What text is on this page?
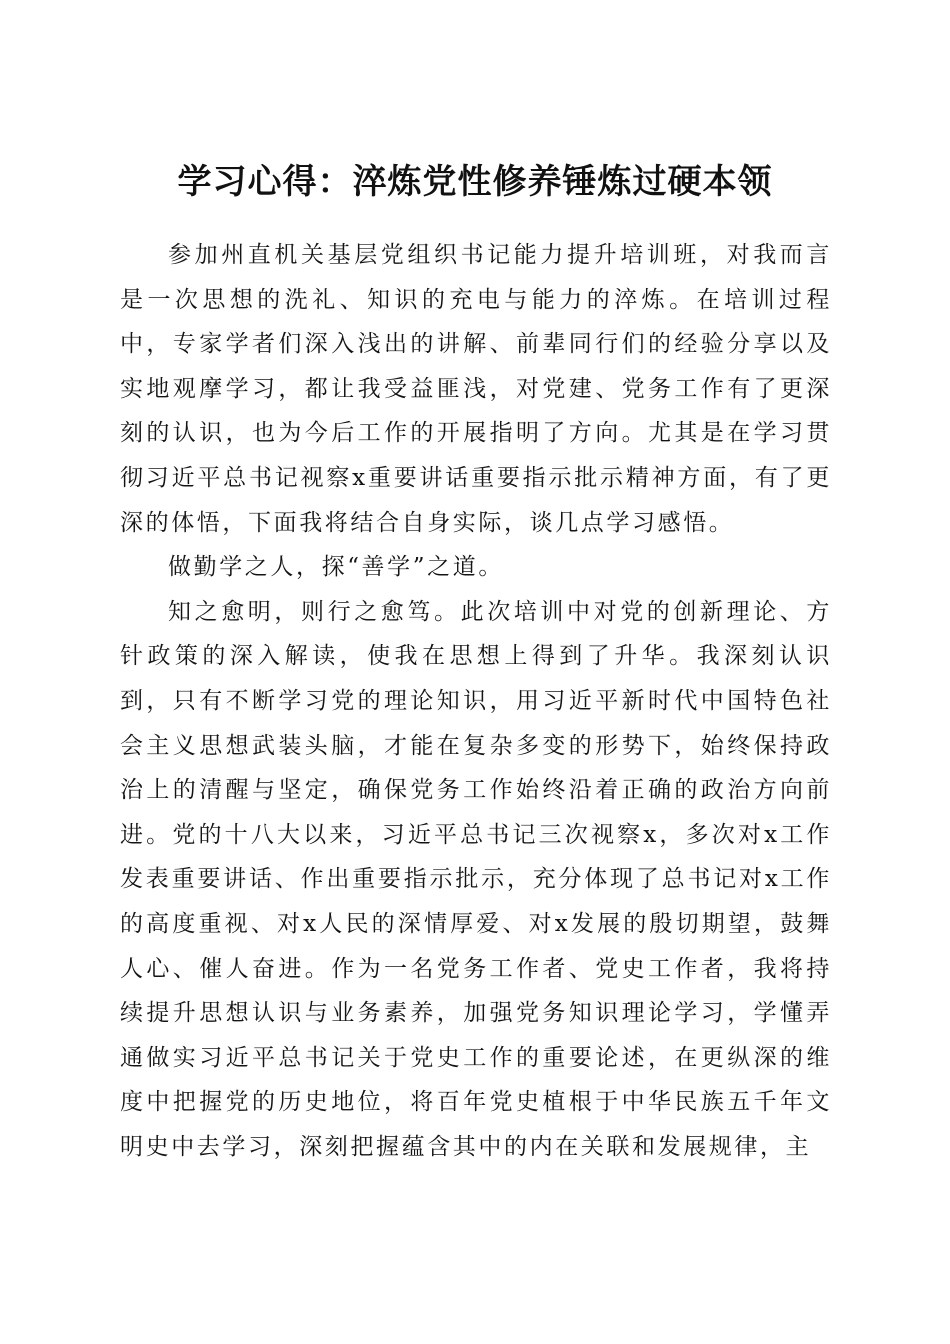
学习心得：淬炼党性修养锤炼过硬本领

参加州直机关基层党组织书记能力提升培训班，对我而言是一次思想的洗礼、知识的充电与能力的淬炼。在培训过程中，专家学者们深入浅出的讲解、前辈同行们的经验分享以及实地观摩学习，都让我受益匪浅，对党建、党务工作有了更深刻的认识，也为今后工作的开展指明了方向。尤其是在学习贯彻习近平总书记视察x重要讲话重要指示批示精神方面，有了更深的体悟，下面我将结合自身实际，谈几点学习感悟。

做勤学之人，探“善学”之道。

知之愈明，则行之愈笃。此次培训中对党的创新理论、方针政策的深入解读，使我在思想上得到了升华。我深刻认识到，只有不断学习党的理论知识，用习近平新时代中国特色社会主义思想武装头脑，才能在复杂多变的形势下，始终保持政治上的清醒与坚定，确保党务工作始终沿着正确的政治方向前进。党的十八大以来，习近平总书记三次视察x，多次对x工作发表重要讲话、作出重要指示批示，充分体现了总书记对x工作的高度重视、对x人民的深情厚爱、对x发展的殷切期望，鼓舞人心、催人奋进。作为一名党务工作者、党史工作者，我将持续提升思想认识与业务素养，加强党务知识理论学习，学懂弄通做实习近平总书记关于党史工作的重要论述，在更纵深的维度中把握党的历史地位，将百年党史植根于中华民族五千年文明史中去学习，深刻把握蕴含其中的内在关联和发展规律，主
